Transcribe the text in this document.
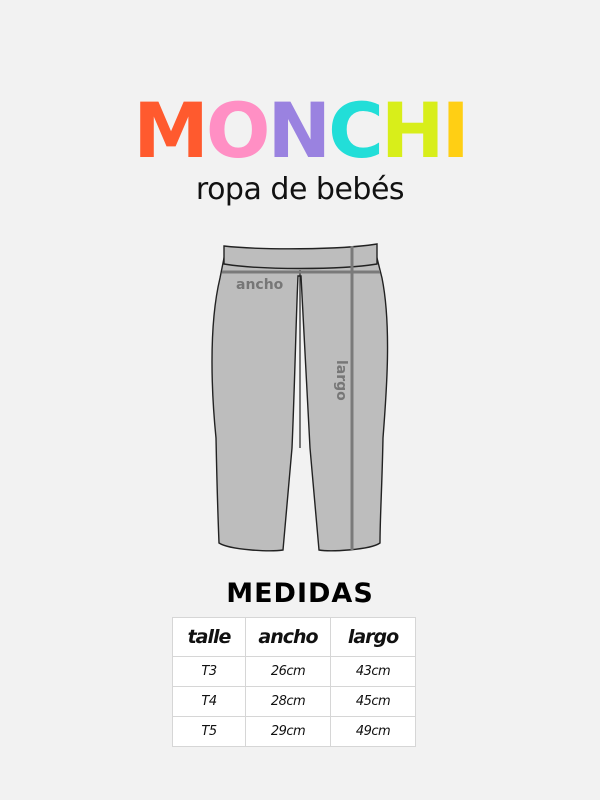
MONCHI
ropa de bebés
ancho
largo
MEDIDAS
talle	ancho	largo
T3	26cm	43cm
T4	28cm	45cm
T5	29cm	49cm
